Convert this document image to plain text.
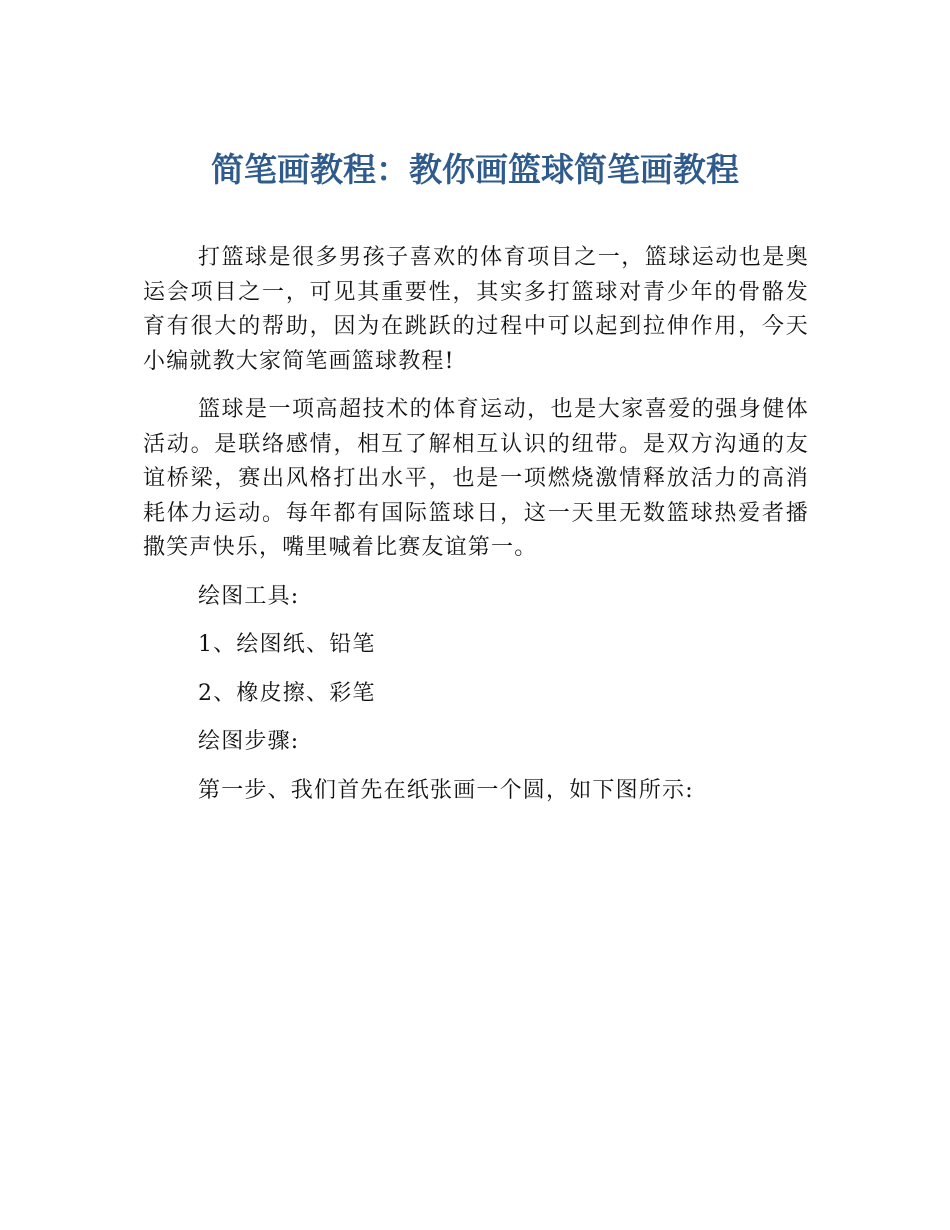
简笔画教程：教你画篮球简笔画教程

打篮球是很多男孩子喜欢的体育项目之一，篮球运动也是奥运会项目之一，可见其重要性，其实多打篮球对青少年的骨骼发育有很大的帮助，因为在跳跃的过程中可以起到拉伸作用，今天小编就教大家简笔画篮球教程!

篮球是一项高超技术的体育运动，也是大家喜爱的强身健体活动。是联络感情，相互了解相互认识的纽带。是双方沟通的友谊桥梁，赛出风格打出水平，也是一项燃烧激情释放活力的高消耗体力运动。每年都有国际篮球日，这一天里无数篮球热爱者播撒笑声快乐，嘴里喊着比赛友谊第一。

绘图工具:

1、绘图纸、铅笔

2、橡皮擦、彩笔

绘图步骤:

第一步、我们首先在纸张画一个圆，如下图所示:
